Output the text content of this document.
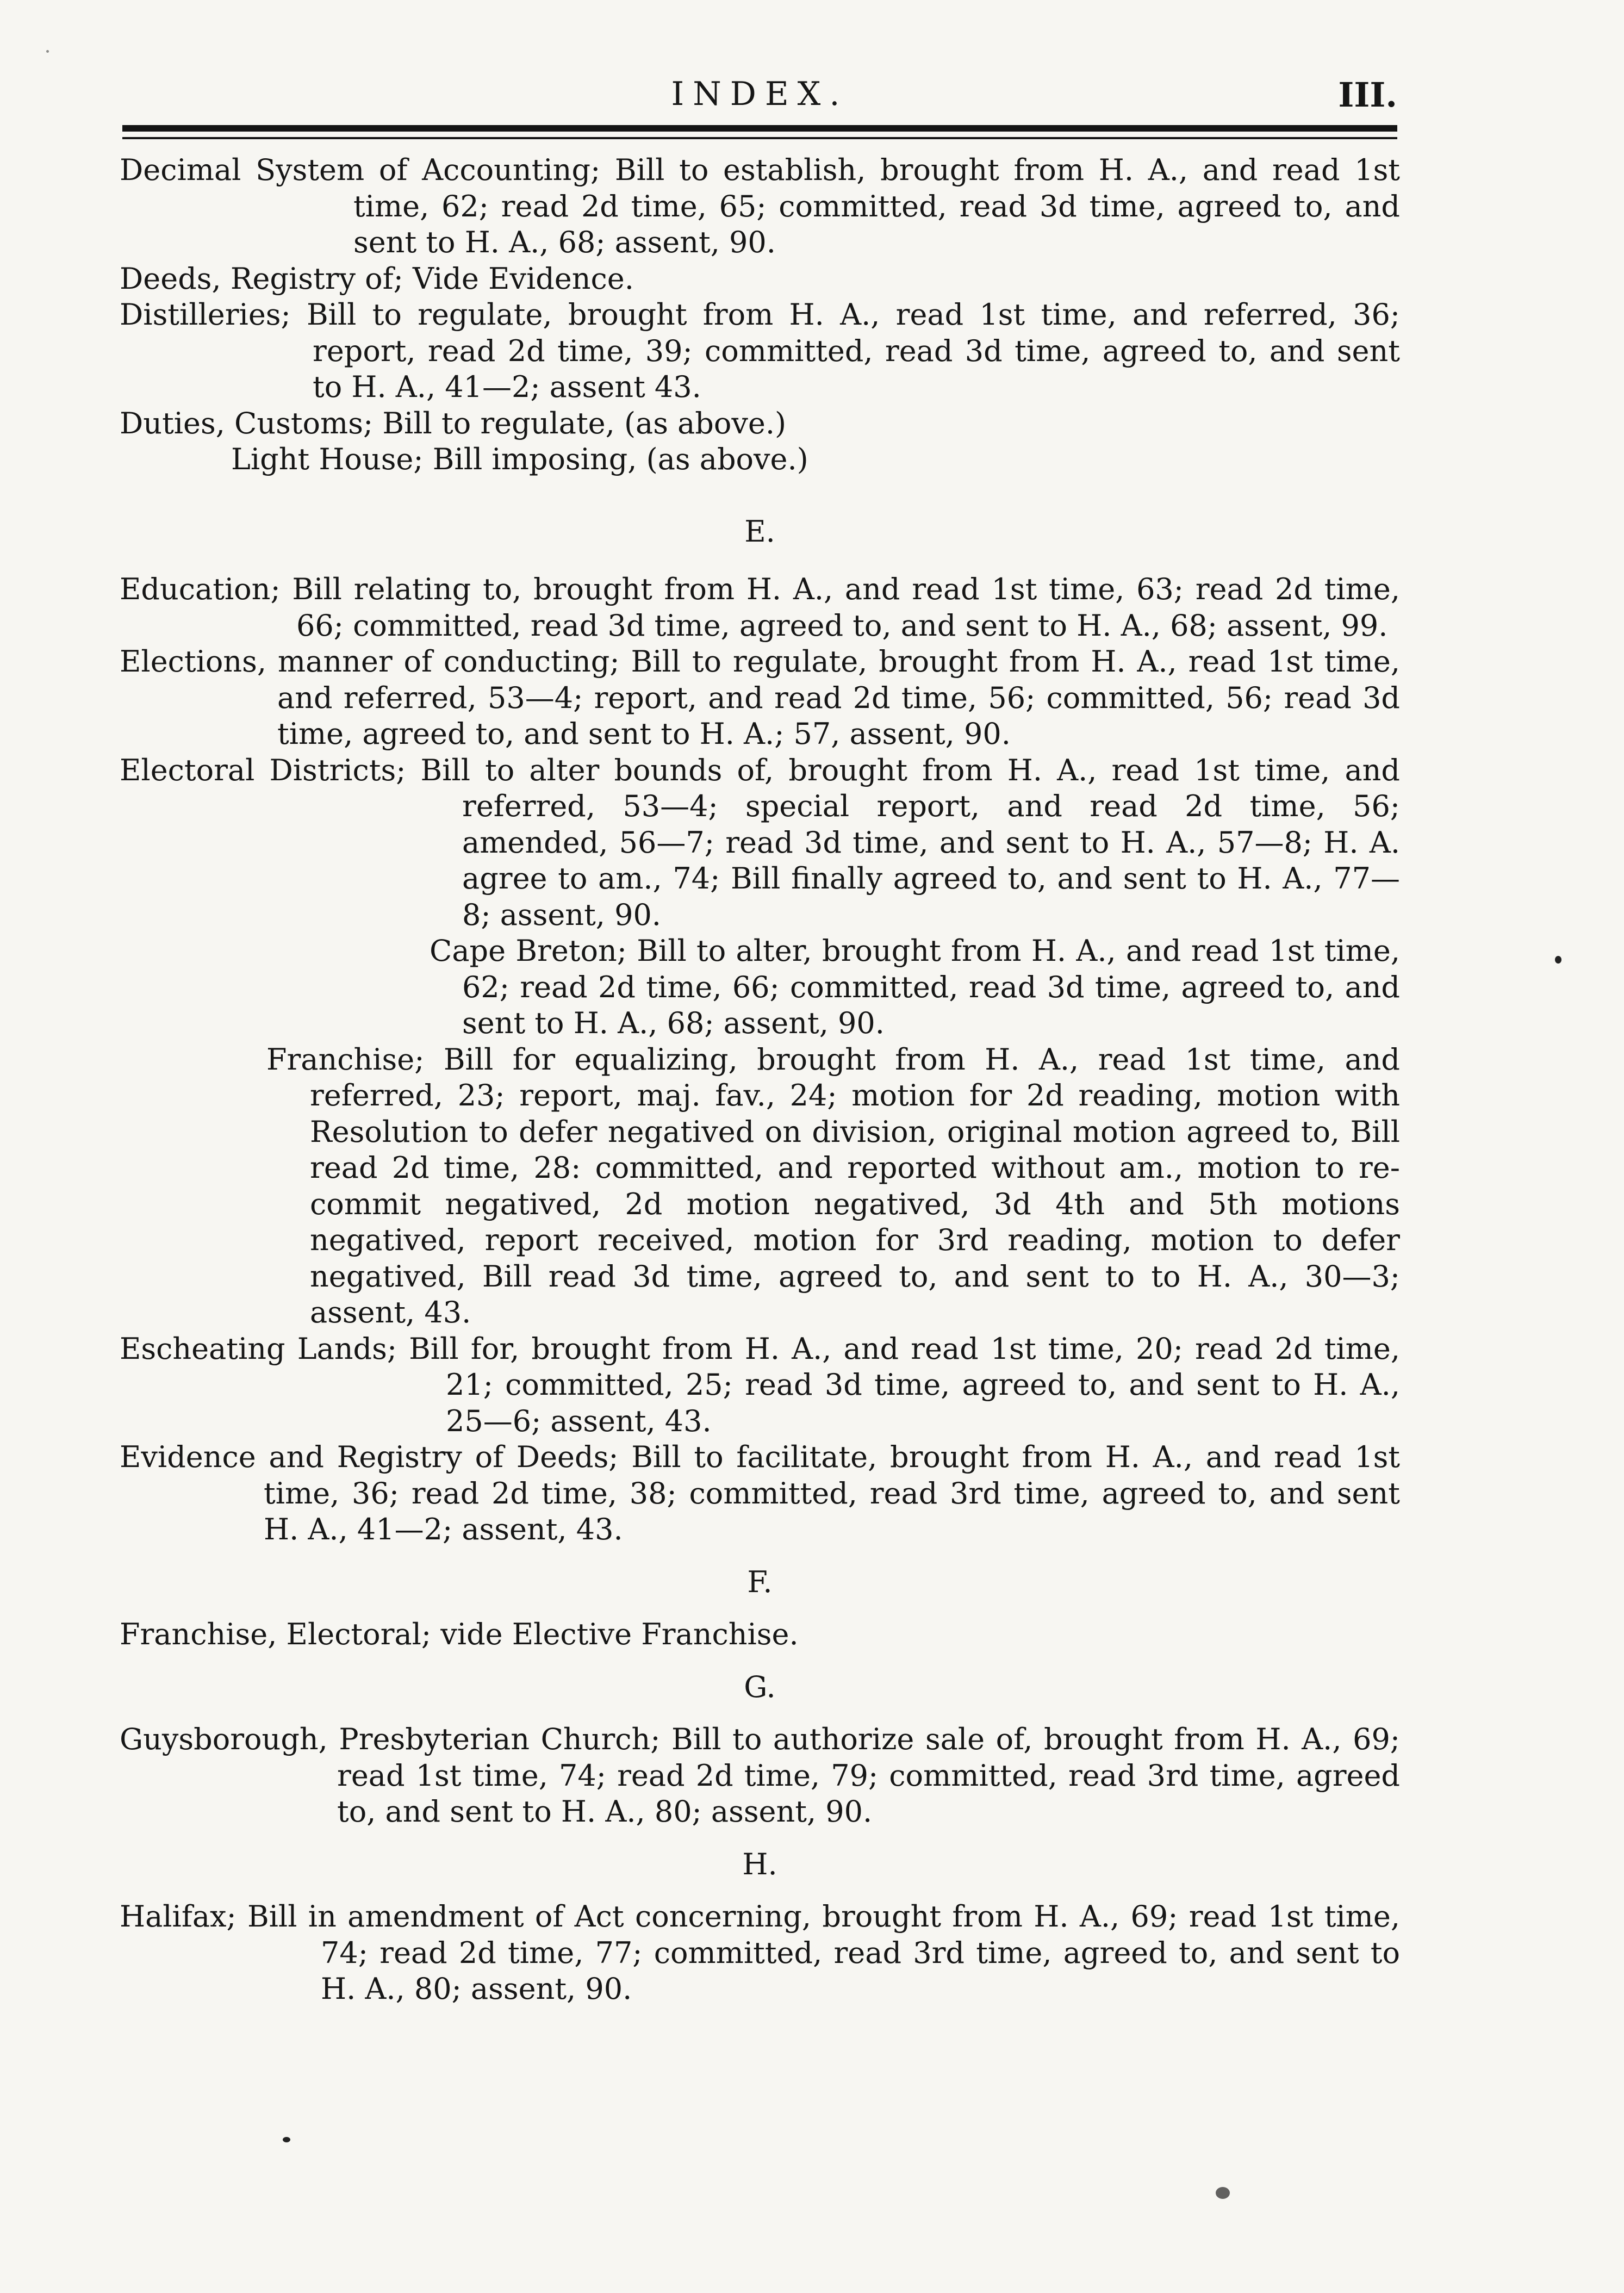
INDEX.	III.
Decimal System of Accounting; Bill to establish, brought from H. A., and read 1st time, 62; read 2d time, 65; committed, read 3d time, agreed to, and sent to H. A., 68; assent, 90.
Deeds, Registry of; Vide Evidence.
Distilleries; Bill to regulate, brought from H. A., read 1st time, and referred, 36; report, read 2d time, 39; committed, read 3d time, agreed to, and sent to H. A., 41—2; assent 43.
Duties, Customs; Bill to regulate, (as above.)
Light House; Bill imposing, (as above.)
E.
Education; Bill relating to, brought from H. A., and read 1st time, 63; read 2d time, 66; committed, read 3d time, agreed to, and sent to H. A., 68; assent, 99.
Elections, manner of conducting; Bill to regulate, brought from H. A., read 1st time, and referred, 53—4; report, and read 2d time, 56; committed, 56; read 3d time, agreed to, and sent to H. A.; 57, assent, 90.
Electoral Districts; Bill to alter bounds of, brought from H. A., read 1st time, and referred, 53—4; special report, and read 2d time, 56; amended, 56—7; read 3d time, and sent to H. A., 57—8; H. A. agree to am., 74; Bill finally agreed to, and sent to H. A., 77—8; assent, 90.
Cape Breton; Bill to alter, brought from H. A., and read 1st time, 62; read 2d time, 66; committed, read 3d time, agreed to, and sent to H. A., 68; assent, 90.
Franchise; Bill for equalizing, brought from H. A., read 1st time, and referred, 23; report, maj. fav., 24; motion for 2d reading, motion with Resolution to defer negatived on division, original motion agreed to, Bill read 2d time, 28: committed, and reported without am., motion to re-commit negatived, 2d motion negatived, 3d 4th and 5th motions negatived, report received, motion for 3rd reading, motion to defer negatived, Bill read 3d time, agreed to, and sent to to H. A., 30—3; assent, 43.
Escheating Lands; Bill for, brought from H. A., and read 1st time, 20; read 2d time, 21; committed, 25; read 3d time, agreed to, and sent to H. A., 25—6; assent, 43.
Evidence and Registry of Deeds; Bill to facilitate, brought from H. A., and read 1st time, 36; read 2d time, 38; committed, read 3rd time, agreed to, and sent H. A., 41—2; assent, 43.
F.
Franchise, Electoral; vide Elective Franchise.
G.
Guysborough, Presbyterian Church; Bill to authorize sale of, brought from H. A., 69; read 1st time, 74; read 2d time, 79; committed, read 3rd time, agreed to, and sent to H. A., 80; assent, 90.
H.
Halifax; Bill in amendment of Act concerning, brought from H. A., 69; read 1st time, 74; read 2d time, 77; committed, read 3rd time, agreed to, and sent to H. A., 80; assent, 90.
